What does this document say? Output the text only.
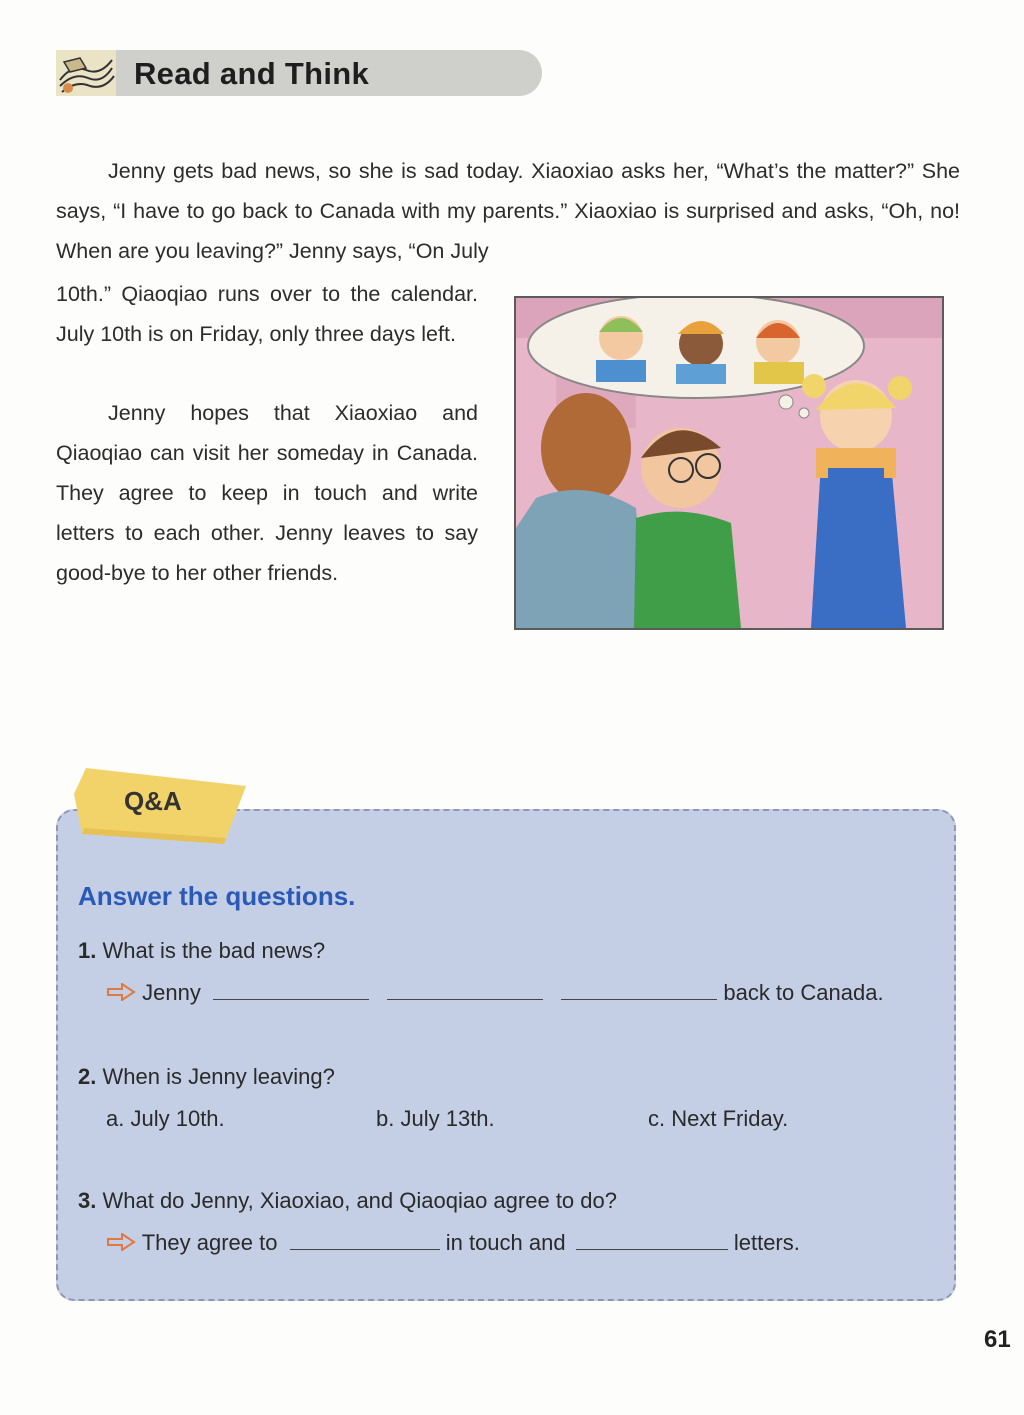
Read and Think
Jenny gets bad news, so she is sad today. Xiaoxiao asks her, “What’s the matter?” She says, “I have to go back to Canada with my parents.” Xiaoxiao is surprised and asks, “Oh, no! When are you leaving?” Jenny says, “On July
10th.” Qiaoqiao runs over to the calendar. July 10th is on Friday, only three days left.
Jenny hopes that Xiaoxiao and Qiaoqiao can visit her someday in Canada. They agree to keep in touch and write letters to each other. Jenny leaves to say good-bye to her other friends.
Q&A
Answer the questions.
1. What is the bad news?
Jenny	back to Canada.
2. When is Jenny leaving?
a. July 10th.	b. July 13th.	c. Next Friday.
3. What do Jenny, Xiaoxiao, and Qiaoqiao agree to do?
They agree to	in touch and	letters.
61
